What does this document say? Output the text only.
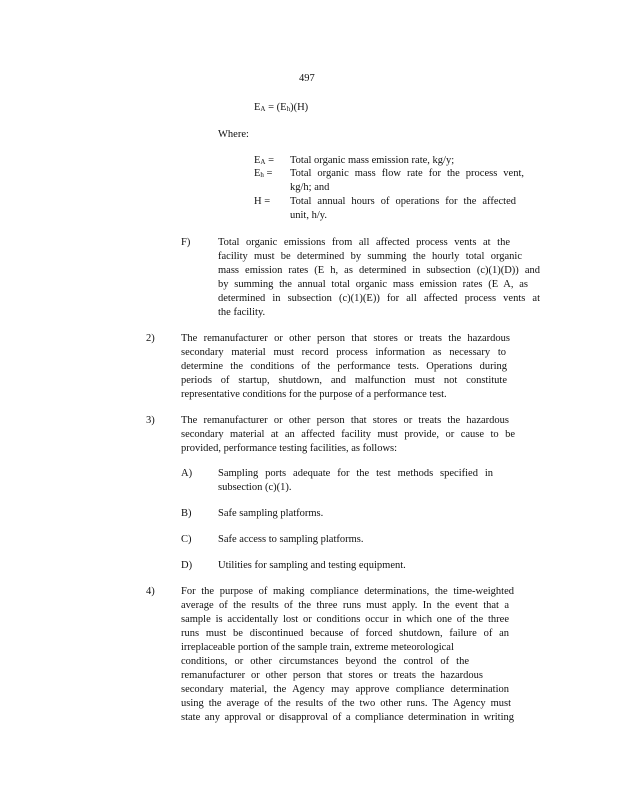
497
$E_A = (E_h)(H)$
Where:
$E_A$ = Total organic mass emission rate, kg/y;
$E_h$ = Total organic mass flow rate for the process vent,
kg/h; and
H = Total annual hours of operations for the affected
unit, h/y.
F)	Total organic emissions from all affected process vents at the
facility must be determined by summing the hourly total organic
mass emission rates (E h, as determined in subsection (c)(1)(D)) and
by summing the annual total organic mass emission rates (E A, as
determined in subsection (c)(1)(E)) for all affected process vents at
the facility.
2)	The remanufacturer or other person that stores or treats the hazardous
secondary material must record process information as necessary to
determine the conditions of the performance tests. Operations during
periods of startup, shutdown, and malfunction must not constitute
representative conditions for the purpose of a performance test.
3)	The remanufacturer or other person that stores or treats the hazardous
secondary material at an affected facility must provide, or cause to be
provided, performance testing facilities, as follows:
A) Sampling ports adequate for the test methods specified in
subsection (c)(1).
B)	Safe sampling platforms.
C)	Safe access to sampling platforms.
D) Utilities for sampling and testing equipment.
4)	For the purpose of making compliance determinations, the time-weighted
average of the results of the three runs must apply. In the event that a
sample is accidentally lost or conditions occur in which one of the three
runs must be discontinued because of forced shutdown, failure of an
irreplaceable portion of the sample train, extreme meteorological
conditions, or other circumstances beyond the control of the
remanufacturer or other person that stores or treats the hazardous
secondary material, the Agency may approve compliance determination
using the average of the results of the two other runs. The Agency must
state any approval or disapproval of a compliance determination in writing
